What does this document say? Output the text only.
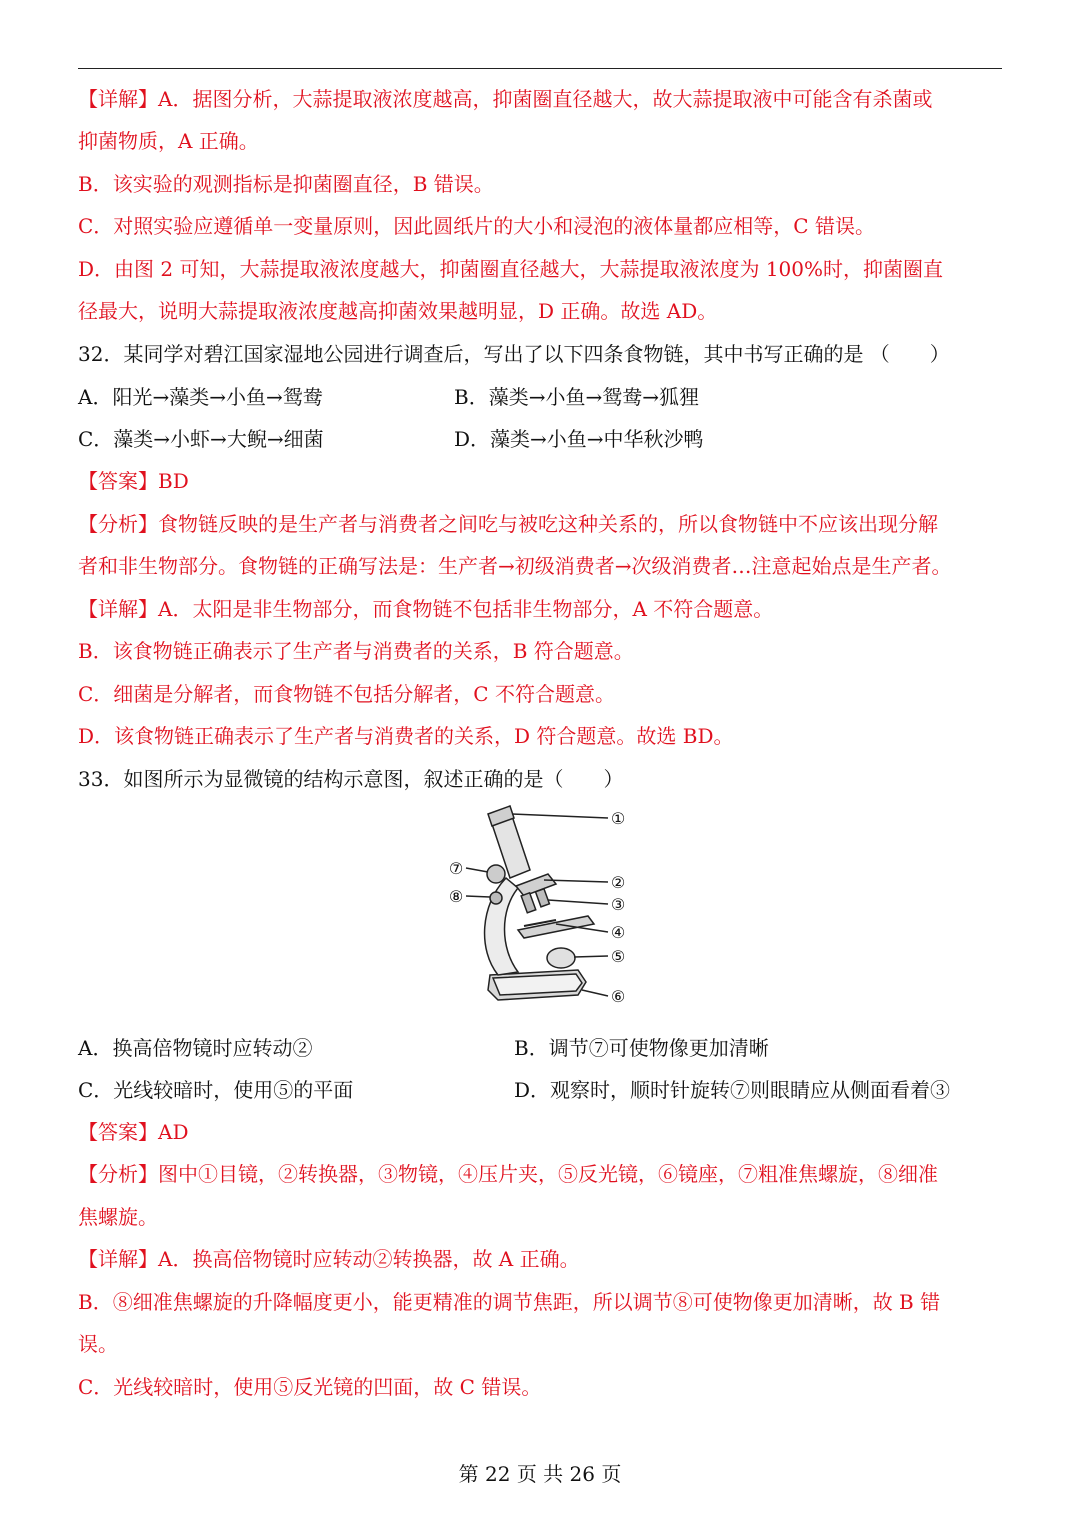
【详解】A．据图分析，大蒜提取液浓度越高，抑菌圈直径越大，故大蒜提取液中可能含有杀菌或
抑菌物质，A 正确。
B．该实验的观测指标是抑菌圈直径，B 错误。
C．对照实验应遵循单一变量原则，因此圆纸片的大小和浸泡的液体量都应相等，C 错误。
D．由图 2 可知，大蒜提取液浓度越大，抑菌圈直径越大，大蒜提取液浓度为 100%时，抑菌圈直
径最大，说明大蒜提取液浓度越高抑菌效果越明显，D 正确。故选 AD。
32．某同学对碧江国家湿地公园进行调查后，写出了以下四条食物链，其中书写正确的是 （　　）
A．阳光→藻类→小鱼→鸳鸯	B．藻类→小鱼→鸳鸯→狐狸
C．藻类→小虾→大鲵→细菌	D．藻类→小鱼→中华秋沙鸭
【答案】BD
【分析】食物链反映的是生产者与消费者之间吃与被吃这种关系的，所以食物链中不应该出现分解
者和非生物部分。食物链的正确写法是：生产者→初级消费者→次级消费者…注意起始点是生产者。
【详解】A．太阳是非生物部分，而食物链不包括非生物部分，A 不符合题意。
B．该食物链正确表示了生产者与消费者的关系，B 符合题意。
C．细菌是分解者，而食物链不包括分解者，C 不符合题意。
D．该食物链正确表示了生产者与消费者的关系，D 符合题意。故选 BD。
33．如图所示为显微镜的结构示意图，叙述正确的是（　　）
①
②
③
④
⑤
⑥
⑦
⑧
A．换高倍物镜时应转动②	B．调节⑦可使物像更加清晰
C．光线较暗时，使用⑤的平面	D．观察时，顺时针旋转⑦则眼睛应从侧面看着③
【答案】AD
【分析】图中①目镜，②转换器，③物镜，④压片夹，⑤反光镜，⑥镜座，⑦粗准焦螺旋，⑧细准
焦螺旋。
【详解】A．换高倍物镜时应转动②转换器，故 A 正确。
B．⑧细准焦螺旋的升降幅度更小，能更精准的调节焦距，所以调节⑧可使物像更加清晰，故 B 错
误。
C．光线较暗时，使用⑤反光镜的凹面，故 C 错误。
第 22 页 共 26 页
